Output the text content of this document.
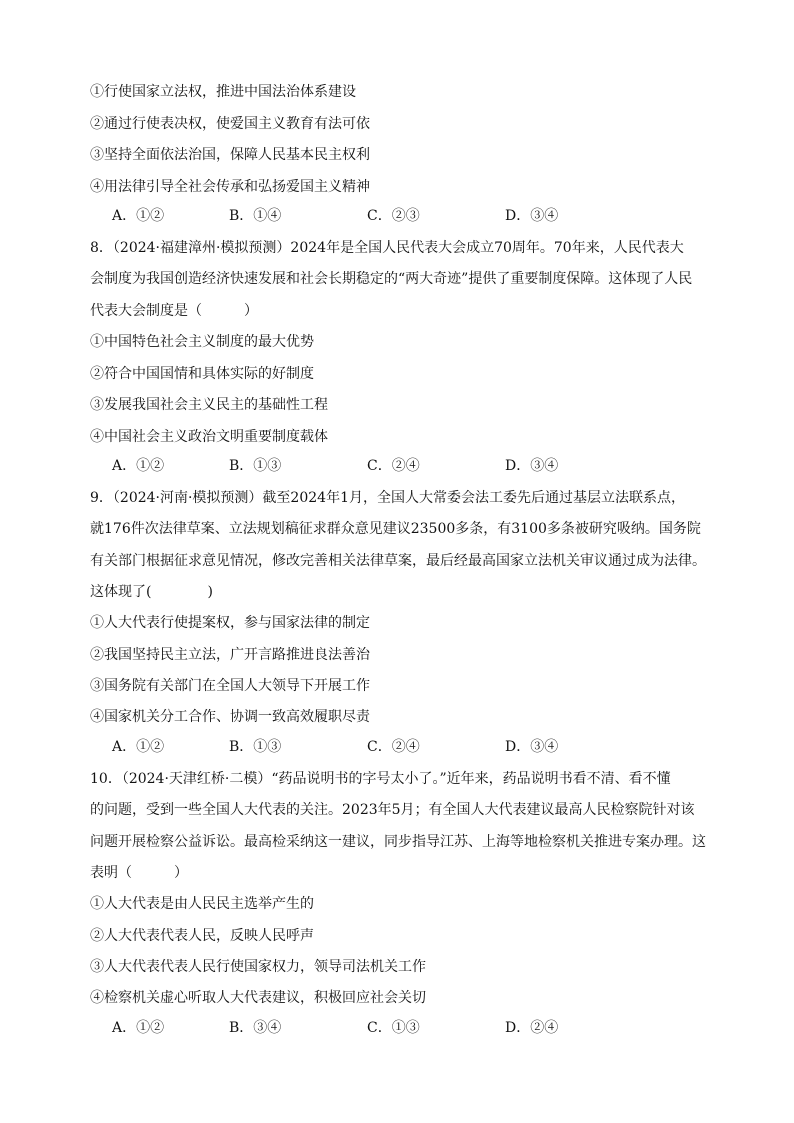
①行使国家立法权，推进中国法治体系建设
②通过行使表决权，使爱国主义教育有法可依
③坚持全面依法治国，保障人民基本民主权利
④用法律引导全社会传承和弘扬爱国主义精神
A．①②	B．①④	C．②③	D．③④
8．（2024·福建漳州·模拟预测）2024年是全国人民代表大会成立70周年。70年来，人民代表大
会制度为我国创造经济快速发展和社会长期稳定的“两大奇迹”提供了重要制度保障。这体现了人民
代表大会制度是（　　　）
①中国特色社会主义制度的最大优势
②符合中国国情和具体实际的好制度
③发展我国社会主义民主的基础性工程
④中国社会主义政治文明重要制度载体
A．①②	B．①③	C．②④	D．③④
9．（2024·河南·模拟预测）截至2024年1月，全国人大常委会法工委先后通过基层立法联系点，
就176件次法律草案、立法规划稿征求群众意见建议23500多条，有3100多条被研究吸纳。国务院
有关部门根据征求意见情况，修改完善相关法律草案，最后经最高国家立法机关审议通过成为法律。
这体现了(　　　　)
①人大代表行使提案权，参与国家法律的制定
②我国坚持民主立法，广开言路推进良法善治
③国务院有关部门在全国人大领导下开展工作
④国家机关分工合作、协调一致高效履职尽责
A．①②	B．①③	C．②④	D．③④
10．（2024·天津红桥·二模）“药品说明书的字号太小了。”近年来，药品说明书看不清、看不懂
的问题，受到一些全国人大代表的关注。2023年5月；有全国人大代表建议最高人民检察院针对该
问题开展检察公益诉讼。最高检采纳这一建议，同步指导江苏、上海等地检察机关推进专案办理。这
表明（　　　）
①人大代表是由人民民主选举产生的
②人大代表代表人民，反映人民呼声
③人大代表代表人民行使国家权力，领导司法机关工作
④检察机关虚心听取人大代表建议，积极回应社会关切
A．①②	B．③④	C．①③	D．②④
